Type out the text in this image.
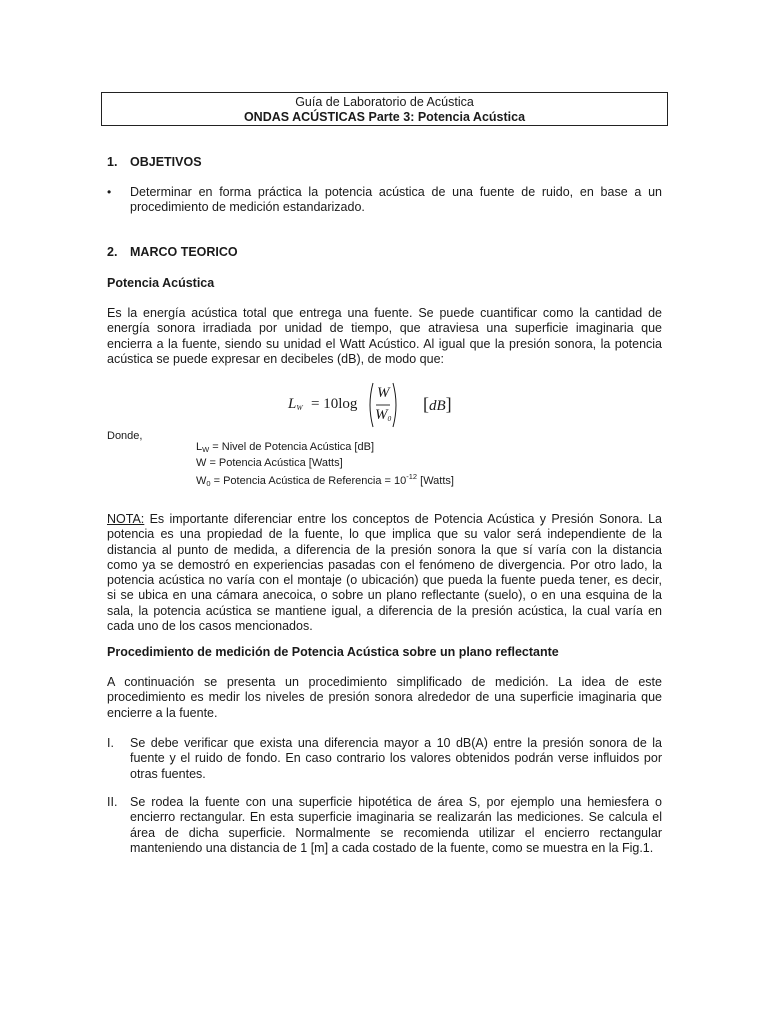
Guía de Laboratorio de Acústica
ONDAS ACÚSTICAS Parte 3: Potencia Acústica
1. OBJETIVOS
• Determinar en forma práctica la potencia acústica de una fuente de ruido, en base a un
procedimiento de medición estandarizado.
2. MARCO TEORICO
Potencia Acústica
Es la energía acústica total que entrega una fuente. Se puede cuantificar como la cantidad de
energía sonora irradiada por unidad de tiempo, que atraviesa una superficie imaginaria que
encierra a la fuente, siendo su unidad el Watt Acústico. Al igual que la presión sonora, la potencia
acústica se puede expresar en decibeles (dB), de modo que:
$L_W = 10\log$
W
$W_0$
[dB]
Donde,
$L_W$ = Nivel de Potencia Acústica [dB]
W = Potencia Acústica [Watts]
$W_0$ = Potencia Acústica de Referencia = $10^{-12}$ [Watts]
NOTA: Es importante diferenciar entre los conceptos de Potencia Acústica y Presión Sonora. La
potencia es una propiedad de la fuente, lo que implica que su valor será independiente de la
distancia al punto de medida, a diferencia de la presión sonora la que sí varía con la distancia
como ya se demostró en experiencias pasadas con el fenómeno de divergencia. Por otro lado, la
potencia acústica no varía con el montaje (o ubicación) que pueda la fuente pueda tener, es decir,
si se ubica en una cámara anecoica, o sobre un plano reflectante (suelo), o en una esquina de la
sala, la potencia acústica se mantiene igual, a diferencia de la presión acústica, la cual varía en
cada uno de los casos mencionados.
Procedimiento de medición de Potencia Acústica sobre un plano reflectante
A continuación se presenta un procedimiento simplificado de medición. La idea de este
procedimiento es medir los niveles de presión sonora alrededor de una superficie imaginaria que
encierre a la fuente.
I. Se debe verificar que exista una diferencia mayor a 10 dB(A) entre la presión sonora de la
fuente y el ruido de fondo. En caso contrario los valores obtenidos podrán verse influidos por
otras fuentes.
II. Se rodea la fuente con una superficie hipotética de área S, por ejemplo una hemiesfera o
encierro rectangular. En esta superficie imaginaria se realizarán las mediciones. Se calcula el
área de dicha superficie. Normalmente se recomienda utilizar el encierro rectangular
manteniendo una distancia de 1 [m] a cada costado de la fuente, como se muestra en la Fig.1.
